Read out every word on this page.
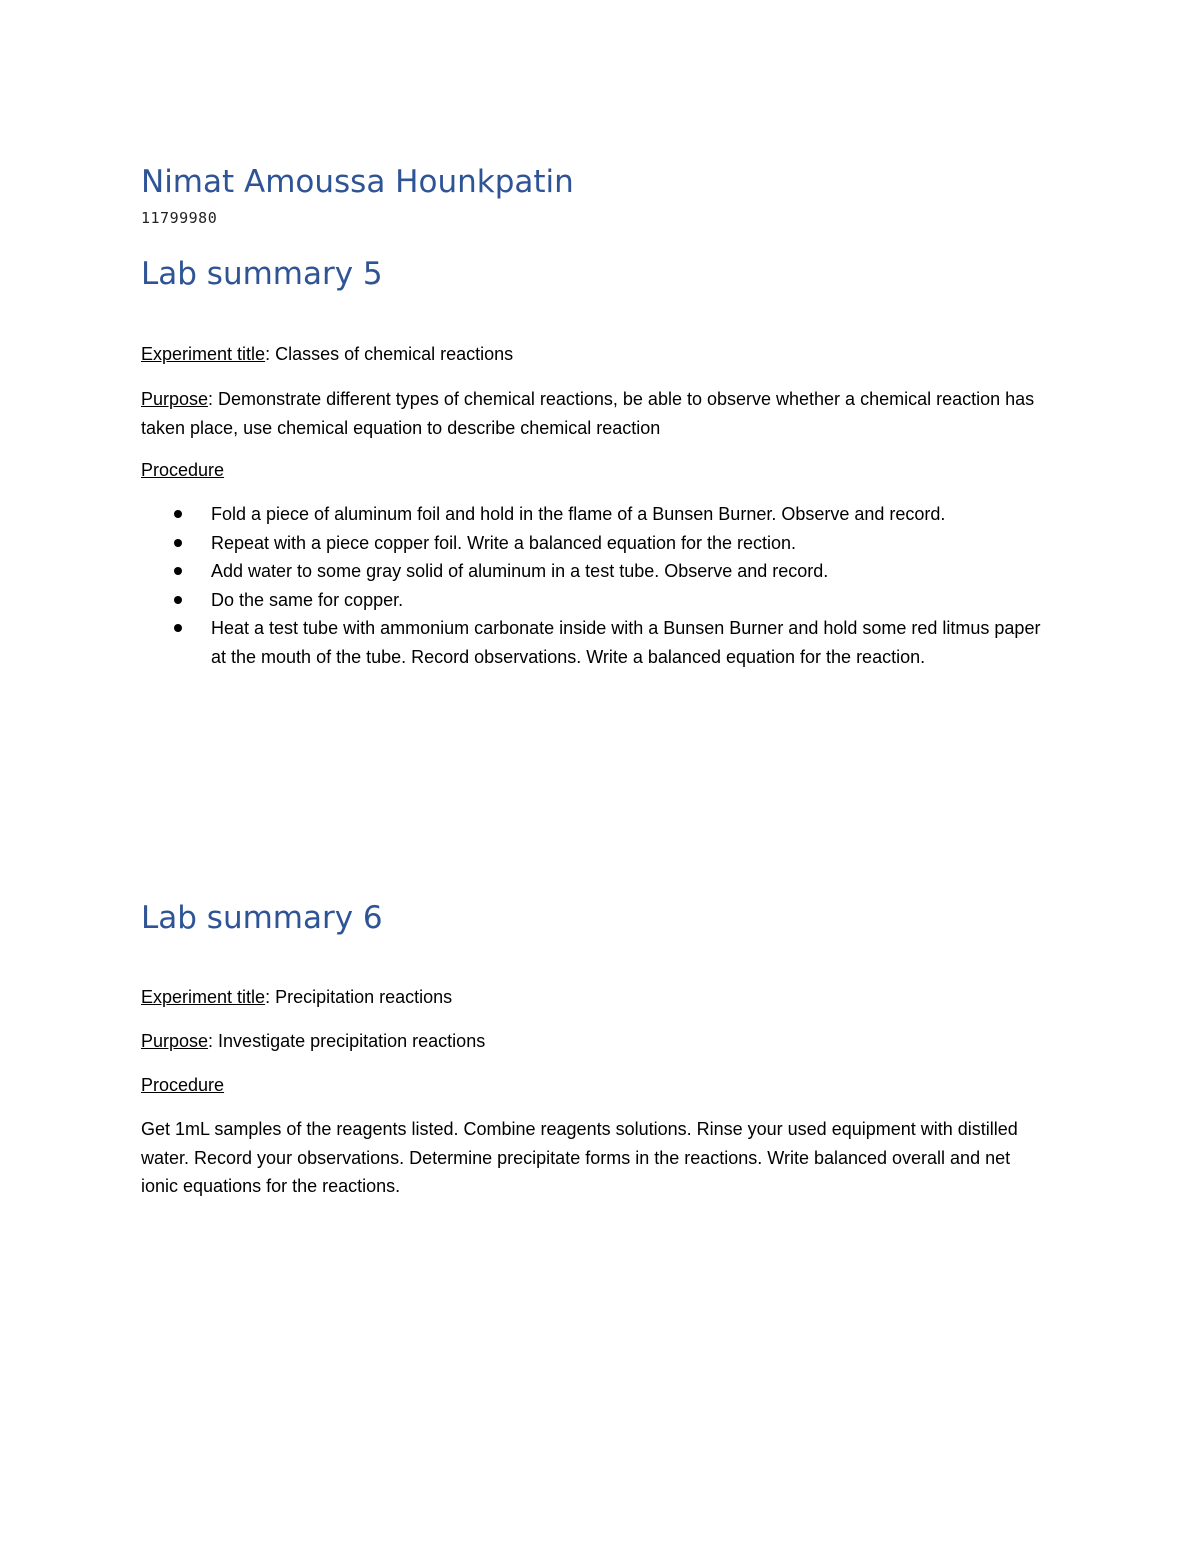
Nimat Amoussa Hounkpatin
11799980
Lab summary 5
Experiment title: Classes of chemical reactions
Purpose: Demonstrate different types of chemical reactions, be able to observe whether a chemical reaction has taken place, use chemical equation to describe chemical reaction
Procedure
Fold a piece of aluminum foil and hold in the flame of a Bunsen Burner. Observe and record.
Repeat with a piece copper foil. Write a balanced equation for the rection.
Add water to some gray solid of aluminum in a test tube. Observe and record.
Do the same for copper.
Heat a test tube with ammonium carbonate inside with a Bunsen Burner and hold some red litmus paper at the mouth of the tube. Record observations. Write a balanced equation for the reaction.
Lab summary 6
Experiment title: Precipitation reactions
Purpose: Investigate precipitation reactions
Procedure
Get 1mL samples of the reagents listed. Combine reagents solutions. Rinse your used equipment with distilled water. Record your observations. Determine precipitate forms in the reactions. Write balanced overall and net ionic equations for the reactions.
